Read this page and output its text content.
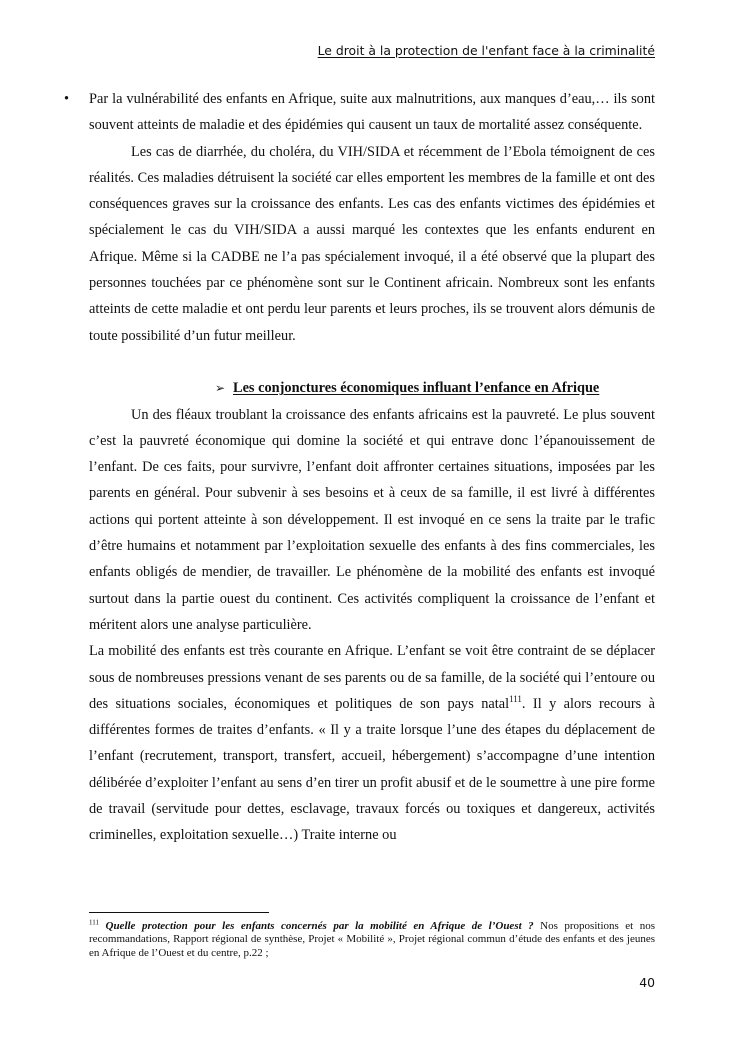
Le droit à la protection de l'enfant face à la criminalité

• Par la vulnérabilité des enfants en Afrique, suite aux malnutritions, aux manques d’eau,… ils sont souvent atteints de maladie et des épidémies qui causent un taux de mortalité assez conséquente.

Les cas de diarrhée, du choléra, du VIH/SIDA et récemment de l’Ebola témoignent de ces réalités. Ces maladies détruisent la société car elles emportent les membres de la famille et ont des conséquences graves sur la croissance des enfants. Les cas des enfants victimes des épidémies et spécialement le cas du VIH/SIDA a aussi marqué les contextes que les enfants endurent en Afrique. Même si la CADBE ne l’a pas spécialement invoqué, il a été observé que la plupart des personnes touchées par ce phénomène sont sur le Continent africain. Nombreux sont les enfants atteints de cette maladie et ont perdu leur parents et leurs proches, ils se trouvent alors démunis de toute possibilité d’un futur meilleur.

➢ Les conjonctures économiques influant l’enfance en Afrique

Un des fléaux troublant la croissance des enfants africains est la pauvreté. Le plus souvent c’est la pauvreté économique qui domine la société et qui entrave donc l’épanouissement de l’enfant. De ces faits, pour survivre, l’enfant doit affronter certaines situations, imposées par les parents en général. Pour subvenir à ses besoins et à ceux de sa famille, il est livré à différentes actions qui portent atteinte à son développement. Il est invoqué en ce sens la traite par le trafic d’être humains et notamment par l’exploitation sexuelle des enfants à des fins commerciales, les enfants obligés de mendier, de travailler. Le phénomène de la mobilité des enfants est invoqué surtout dans la partie ouest du continent. Ces activités compliquent la croissance de l’enfant et méritent alors une analyse particulière.

La mobilité des enfants est très courante en Afrique. L’enfant se voit être contraint de se déplacer sous de nombreuses pressions venant de ses parents ou de sa famille, de la société qui l’entoure ou des situations sociales, économiques et politiques de son pays natal$^{111}$. Il y alors recours à différentes formes de traites d’enfants. « Il y a traite lorsque l’une des étapes du déplacement de l’enfant (recrutement, transport, transfert, accueil, hébergement) s’accompagne d’une intention délibérée d’exploiter l’enfant au sens d’en tirer un profit abusif et de le soumettre à une pire forme de travail (servitude pour dettes, esclavage, travaux forcés ou toxiques et dangereux, activités criminelles, exploitation sexuelle…) Traite interne ou

$^{111}$ Quelle protection pour les enfants concernés par la mobilité en Afrique de l’Ouest ? Nos propositions et nos recommandations, Rapport régional de synthèse, Projet « Mobilité », Projet régional commun d’étude des enfants et des jeunes en Afrique de l’Ouest et du centre, p.22 ;
40
